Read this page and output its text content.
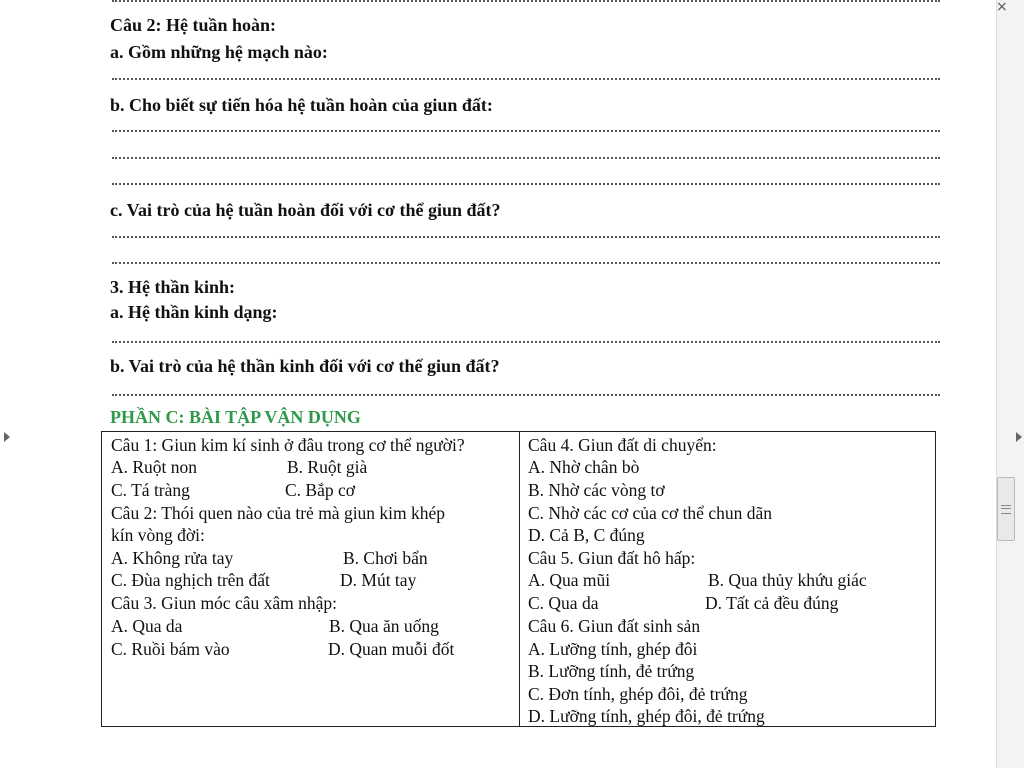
Câu 2: Hệ tuần hoàn:
a. Gồm những hệ mạch nào:
b. Cho biết sự tiến hóa hệ tuần hoàn của giun đất:
c. Vai trò của hệ tuần hoàn đối với cơ thể giun đất?
3. Hệ thần kinh:
a. Hệ thần kinh dạng:
b. Vai trò của hệ thần kinh đối với cơ thể giun đất?
PHẦN C: BÀI TẬP VẬN DỤNG
Câu 1: Giun kim kí sinh ở đâu trong cơ thể người?
A. Ruột non	B. Ruột già
C. Tá tràng	C. Bắp cơ
Câu 2: Thói quen nào của trẻ mà giun kim khép
kín vòng đời:
A. Không rửa tay	B. Chơi bẩn
C. Đùa nghịch trên đất	D. Mút tay
Câu 3. Giun móc câu xâm nhập:
A. Qua da	B. Qua ăn uống
C. Ruồi bám vào	D. Quan muỗi đốt
Câu 4. Giun đất di chuyển:
A. Nhờ chân bò
B. Nhờ các vòng tơ
C. Nhờ các cơ của cơ thể chun dãn
D. Cả B, C đúng
Câu 5. Giun đất hô hấp:
A. Qua mũi	B. Qua thủy khứu giác
C. Qua da	D. Tất cả đều đúng
Câu 6. Giun đất sinh sản
A. Lưỡng tính, ghép đôi
B. Lưỡng tính, đẻ trứng
C. Đơn tính, ghép đôi, đẻ trứng
D. Lưỡng tính, ghép đôi, đẻ trứng
×
